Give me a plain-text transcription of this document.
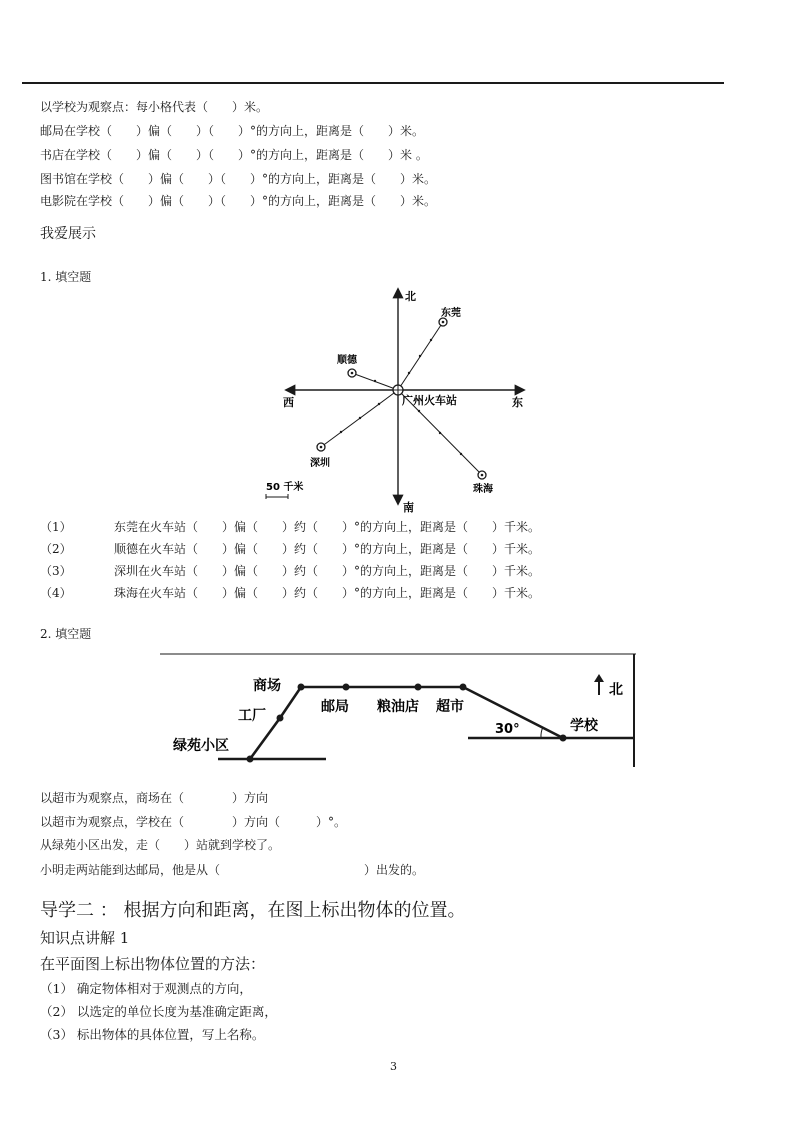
以学校为观察点：每小格代表（　　）米。
邮局在学校（　　）偏（　　）（　　）°的方向上，距离是（　　）米。
书店在学校（　　）偏（　　）（　　）°的方向上，距离是（　　）米 。
图书馆在学校（　　）偏（　　）（　　）°的方向上，距离是（　　）米。
电影院在学校（　　）偏（　　）（　　）°的方向上，距离是（　　）米。
我爱展示
1. 填空题
北
南
东
西	广州火车站
东莞
顺德
深圳
珠海
50 千米
（1）	东莞在火车站（　　）偏（　　）约（　　）°的方向上，距离是（　　）千米。
（2）	顺德在火车站（　　）偏（　　）约（　　）°的方向上，距离是（　　）千米。
（3）	深圳在火车站（　　）偏（　　）约（　　）°的方向上，距离是（　　）千米。
（4）	珠海在火车站（　　）偏（　　）约（　　）°的方向上，距离是（　　）千米。
2. 填空题
商场
工厂
绿苑小区
邮局 粮油店 超市
学校
30°
北
以超市为观察点，商场在（　　　　）方向
以超市为观察点，学校在（　　　　）方向（　　　）°。
从绿苑小区出发，走（　　）站就到学校了。
小明走两站能到达邮局，他是从（　　　　　　　　　　　　）出发的。
导学二 ： 根据方向和距离，在图上标出物体的位置。
知识点讲解 1
在平面图上标出物体位置的方法：
（1） 确定物体相对于观测点的方向，
（2） 以选定的单位长度为基准确定距离，
（3） 标出物体的具体位置，写上名称。
3
